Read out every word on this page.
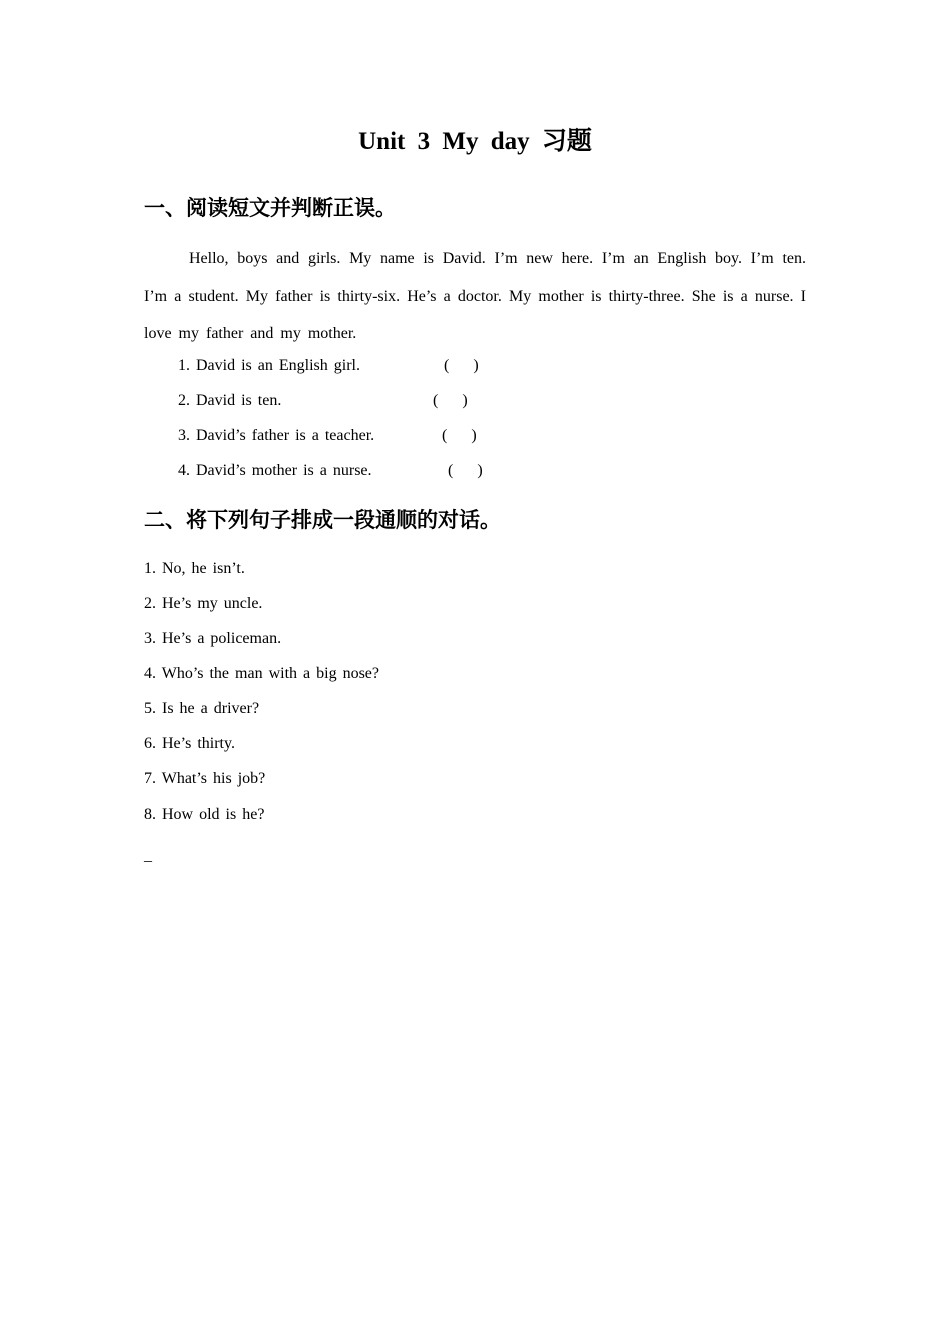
Unit 3 My day 习题
一、阅读短文并判断正误。
Hello, boys and girls. My name is David. I’m new here. I’m an English boy. I’m ten. I’m a student. My father is thirty-six. He’s a doctor. My mother is thirty-three. She is a nurse. I love my father and my mother.
1. David is an English girl.	(      )
2. David is ten.	(      )
3. David’s father is a teacher.	(      )
4. David’s mother is a nurse.	(      )
二、将下列句子排成一段通顺的对话。
1. No, he isn’t.
2. He’s my uncle.
3. He’s a policeman.
4. Who’s the man with a big nose?
5. Is he a driver?
6. He’s thirty.
7. What’s his job?
8. How old is he?
_
